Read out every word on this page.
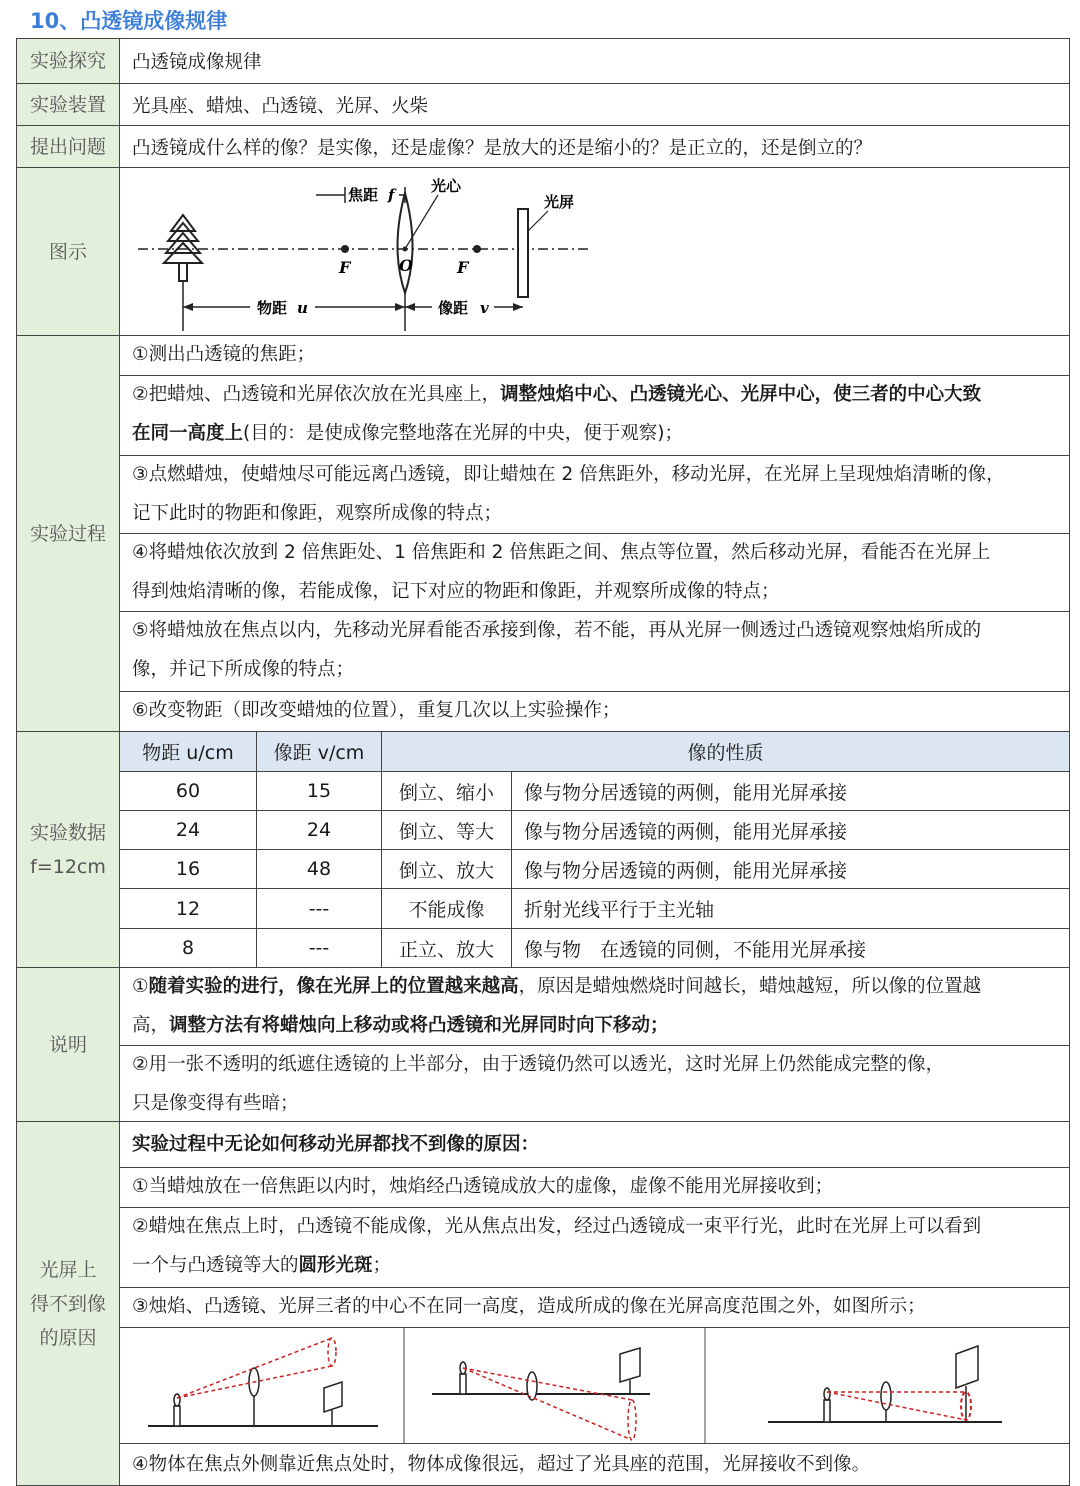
10、凸透镜成像规律
实验探究	凸透镜成像规律
实验装置	光具座、蜡烛、凸透镜、光屏、火柴
提出问题	凸透镜成什么样的像？是实像，还是虚像？是放大的还是缩小的？是正立的，还是倒立的？
图示
F	O	F
焦距 f 光心
光屏
物距 u	像距 v
实验过程
①测出凸透镜的焦距；
②把蜡烛、凸透镜和光屏依次放在光具座上，调整烛焰中心、凸透镜光心、光屏中心，使三者的中心大致
在同一高度上(目的：是使成像完整地落在光屏的中央，便于观察)；
③点燃蜡烛，使蜡烛尽可能远离凸透镜，即让蜡烛在 2 倍焦距外，移动光屏，在光屏上呈现烛焰清晰的像，
记下此时的物距和像距，观察所成像的特点；
④将蜡烛依次放到 2 倍焦距处、1 倍焦距和 2 倍焦距之间、焦点等位置，然后移动光屏，看能否在光屏上
得到烛焰清晰的像，若能成像，记下对应的物距和像距，并观察所成像的特点；
⑤将蜡烛放在焦点以内，先移动光屏看能否承接到像，若不能，再从光屏一侧透过凸透镜观察烛焰所成的
像，并记下所成像的特点；
⑥改变物距（即改变蜡烛的位置），重复几次以上实验操作；
实验数据
f=12cm
物距 u/cm	像距 v/cm	像的性质
60	15	倒立、缩小	像与物分居透镜的两侧，能用光屏承接
24	24	倒立、等大	像与物分居透镜的两侧，能用光屏承接
16	48	倒立、放大	像与物分居透镜的两侧，能用光屏承接
12	---	不能成像	折射光线平行于主光轴
8	---	正立、放大	像与物　在透镜的同侧，不能用光屏承接
说明
①随着实验的进行，像在光屏上的位置越来越高，原因是蜡烛燃烧时间越长，蜡烛越短，所以像的位置越
高，调整方法有将蜡烛向上移动或将凸透镜和光屏同时向下移动；
②用一张不透明的纸遮住透镜的上半部分，由于透镜仍然可以透光，这时光屏上仍然能成完整的像，
只是像变得有些暗；
光屏上
得不到像
的原因
实验过程中无论如何移动光屏都找不到像的原因：
①当蜡烛放在一倍焦距以内时，烛焰经凸透镜成放大的虚像，虚像不能用光屏接收到；
②蜡烛在焦点上时，凸透镜不能成像，光从焦点出发，经过凸透镜成一束平行光，此时在光屏上可以看到
一个与凸透镜等大的圆形光斑；
③烛焰、凸透镜、光屏三者的中心不在同一高度，造成所成的像在光屏高度范围之外，如图所示；
④物体在焦点外侧靠近焦点处时，物体成像很远，超过了光具座的范围，光屏接收不到像。
